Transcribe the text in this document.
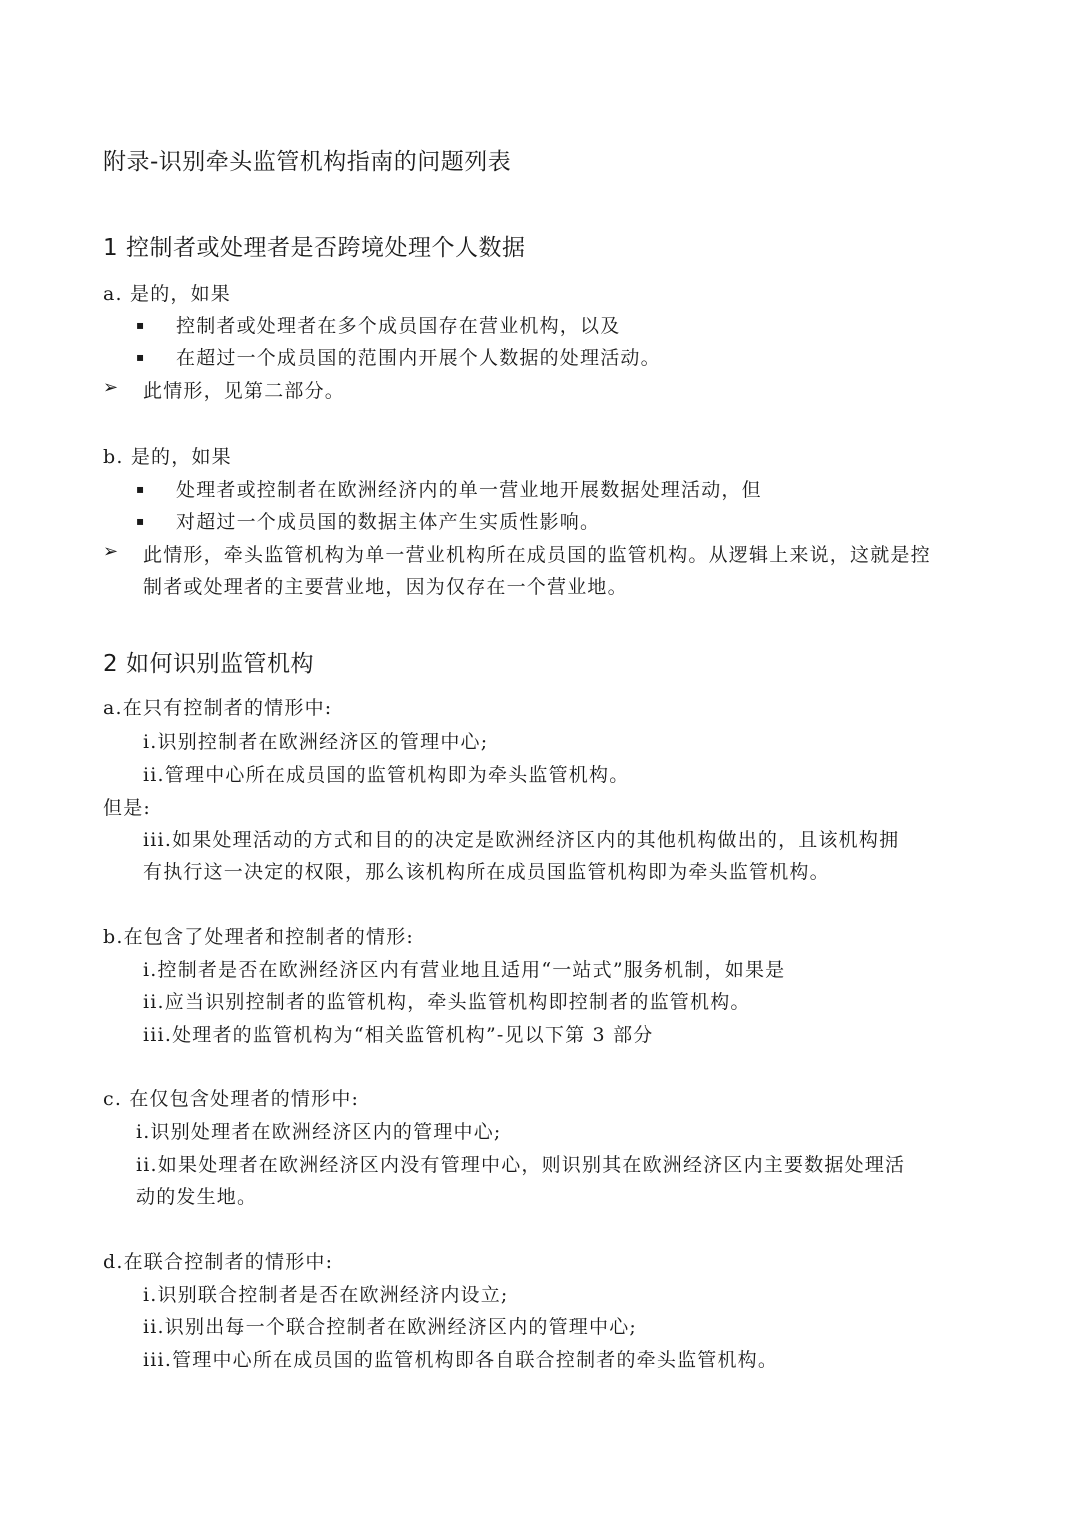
附录-识别牵头监管机构指南的问题列表
1 控制者或处理者是否跨境处理个人数据
a. 是的，如果
▪ 控制者或处理者在多个成员国存在营业机构，以及
▪ 在超过一个成员国的范围内开展个人数据的处理活动。
➢ 此情形，见第二部分。
b. 是的，如果
▪ 处理者或控制者在欧洲经济内的单一营业地开展数据处理活动，但
▪ 对超过一个成员国的数据主体产生实质性影响。
➢ 此情形，牵头监管机构为单一营业机构所在成员国的监管机构。从逻辑上来说，这就是控
制者或处理者的主要营业地，因为仅存在一个营业地。
2 如何识别监管机构
a.在只有控制者的情形中:
i.识别控制者在欧洲经济区的管理中心;
ii.管理中心所在成员国的监管机构即为牵头监管机构。
但是:
iii.如果处理活动的方式和目的的决定是欧洲经济区内的其他机构做出的，且该机构拥
有执行这一决定的权限，那么该机构所在成员国监管机构即为牵头监管机构。
b.在包含了处理者和控制者的情形:
i.控制者是否在欧洲经济区内有营业地且适用“一站式”服务机制，如果是
ii.应当识别控制者的监管机构，牵头监管机构即控制者的监管机构。
iii.处理者的监管机构为“相关监管机构”-见以下第 3 部分
c. 在仅包含处理者的情形中:
i.识别处理者在欧洲经济区内的管理中心;
ii.如果处理者在欧洲经济区内没有管理中心，则识别其在欧洲经济区内主要数据处理活
动的发生地。
d.在联合控制者的情形中:
i.识别联合控制者是否在欧洲经济内设立;
ii.识别出每一个联合控制者在欧洲经济区内的管理中心;
iii.管理中心所在成员国的监管机构即各自联合控制者的牵头监管机构。
